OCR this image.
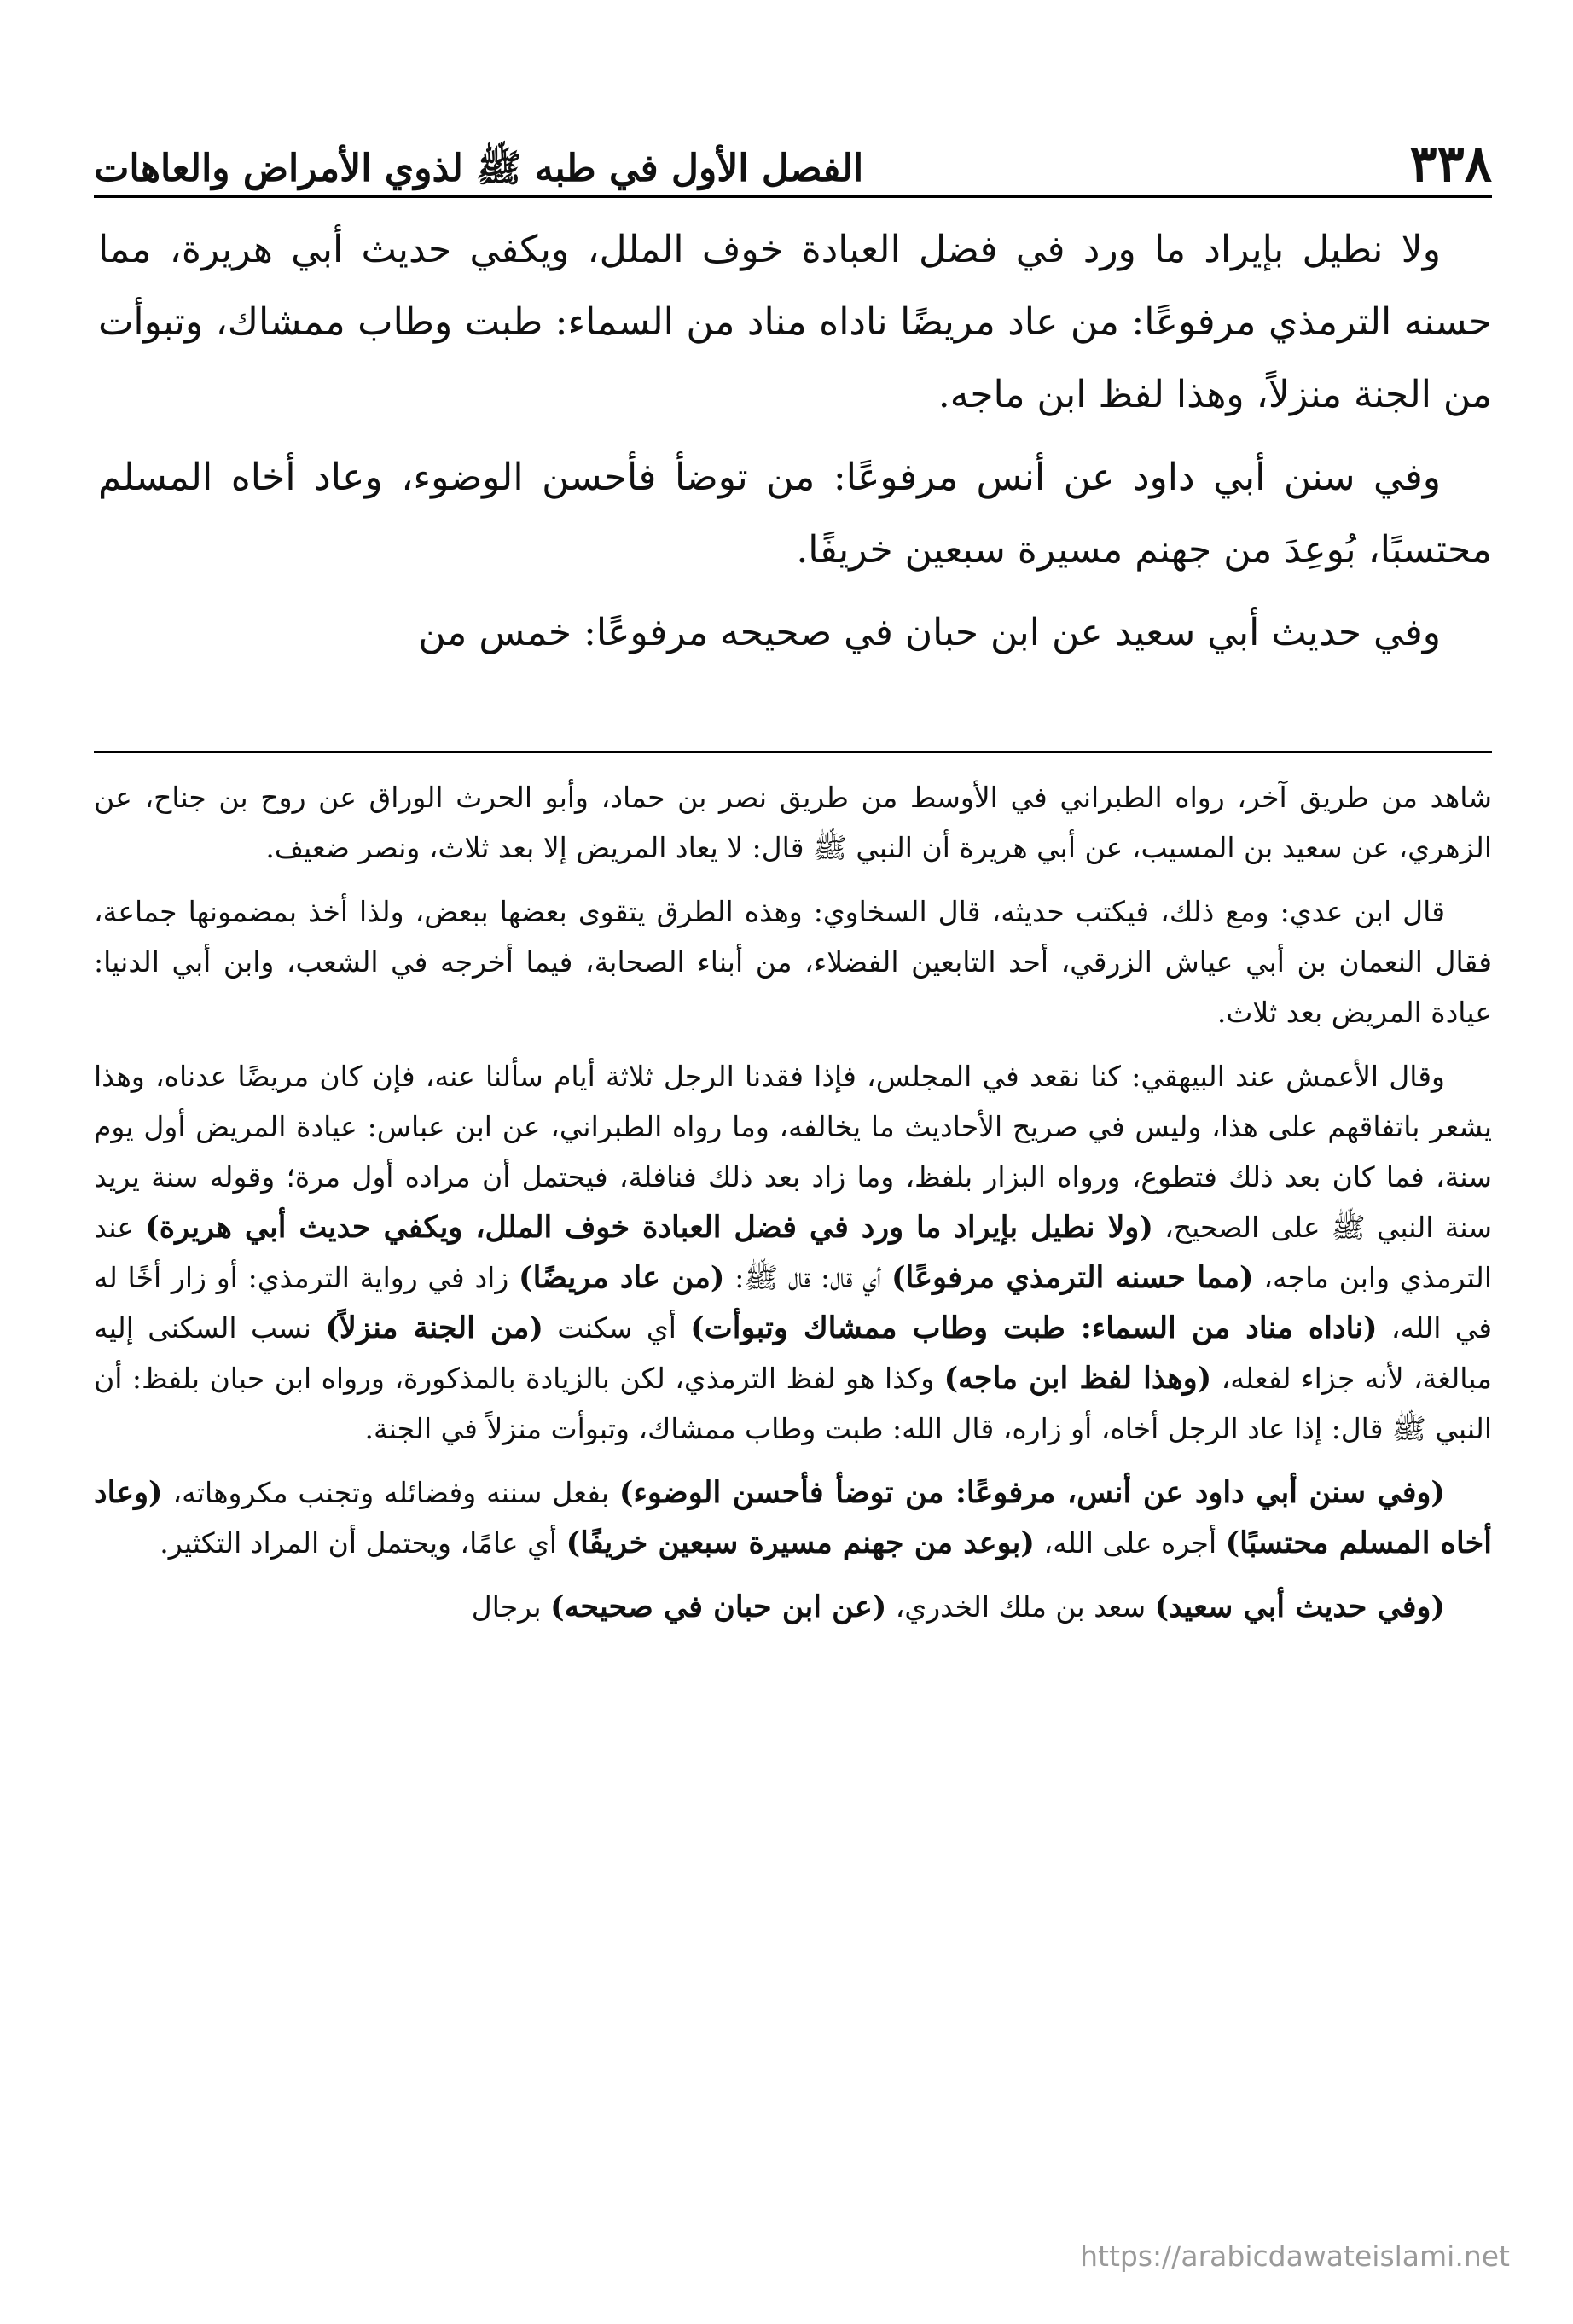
٣٣٨
الفصل الأول في طبه ﷺ لذوي الأمراض والعاهات

ولا نطيل بإيراد ما ورد في فضل العبادة خوف الملل، ويكفي حديث أبي هريرة، مما حسنه الترمذي مرفوعًا: من عاد مريضًا ناداه مناد من السماء: طبت وطاب ممشاك، وتبوأت من الجنة منزلاً، وهذا لفظ ابن ماجه.

وفي سنن أبي داود عن أنس مرفوعًا: من توضأ فأحسن الوضوء، وعاد أخاه المسلم محتسبًا، بُوعِدَ من جهنم مسيرة سبعين خريفًا.

وفي حديث أبي سعيد عن ابن حبان في صحيحه مرفوعًا: خمس من

شاهد من طريق آخر، رواه الطبراني في الأوسط من طريق نصر بن حماد، وأبو الحرث الوراق عن روح بن جناح، عن الزهري، عن سعيد بن المسيب، عن أبي هريرة أن النبي ﷺ قال: لا يعاد المريض إلا بعد ثلاث، ونصر ضعيف.

قال ابن عدي: ومع ذلك، فيكتب حديثه، قال السخاوي: وهذه الطرق يتقوى بعضها ببعض، ولذا أخذ بمضمونها جماعة، فقال النعمان بن أبي عياش الزرقي، أحد التابعين الفضلاء، من أبناء الصحابة، فيما أخرجه في الشعب، وابن أبي الدنيا: عيادة المريض بعد ثلاث.

وقال الأعمش عند البيهقي: كنا نقعد في المجلس، فإذا فقدنا الرجل ثلاثة أيام سألنا عنه، فإن كان مريضًا عدناه، وهذا يشعر باتفاقهم على هذا، وليس في صريح الأحاديث ما يخالفه، وما رواه الطبراني، عن ابن عباس: عيادة المريض أول يوم سنة، فما كان بعد ذلك فتطوع، ورواه البزار بلفظ، وما زاد بعد ذلك فنافلة، فيحتمل أن مراده أول مرة؛ وقوله سنة يريد سنة النبي ﷺ على الصحيح، (ولا نطيل بإيراد ما ورد في فضل العبادة خوف الملل، ويكفي حديث أبي هريرة) عند الترمذي وابن ماجه، (مما حسنه الترمذي مرفوعًا) أي قال: قال ﷺ: (من عاد مريضًا) زاد في رواية الترمذي: أو زار أخًا له في الله، (ناداه مناد من السماء: طبت وطاب ممشاك وتبوأت) أي سكنت (من الجنة منزلاً) نسب السكنى إليه مبالغة، لأنه جزاء لفعله، (وهذا لفظ ابن ماجه) وكذا هو لفظ الترمذي، لكن بالزيادة بالمذكورة، ورواه ابن حبان بلفظ: أن النبي ﷺ قال: إذا عاد الرجل أخاه، أو زاره، قال الله: طبت وطاب ممشاك، وتبوأت منزلاً في الجنة.

(وفي سنن أبي داود عن أنس، مرفوعًا: من توضأ فأحسن الوضوء) بفعل سننه وفضائله وتجنب مكروهاته، (وعاد أخاه المسلم محتسبًا) أجره على الله، (بوعد من جهنم مسيرة سبعين خريفًا) أي عامًا، ويحتمل أن المراد التكثير.

(وفي حديث أبي سعيد) سعد بن ملك الخدري، (عن ابن حبان في صحيحه) برجال

https://arabicdawateislami.net
